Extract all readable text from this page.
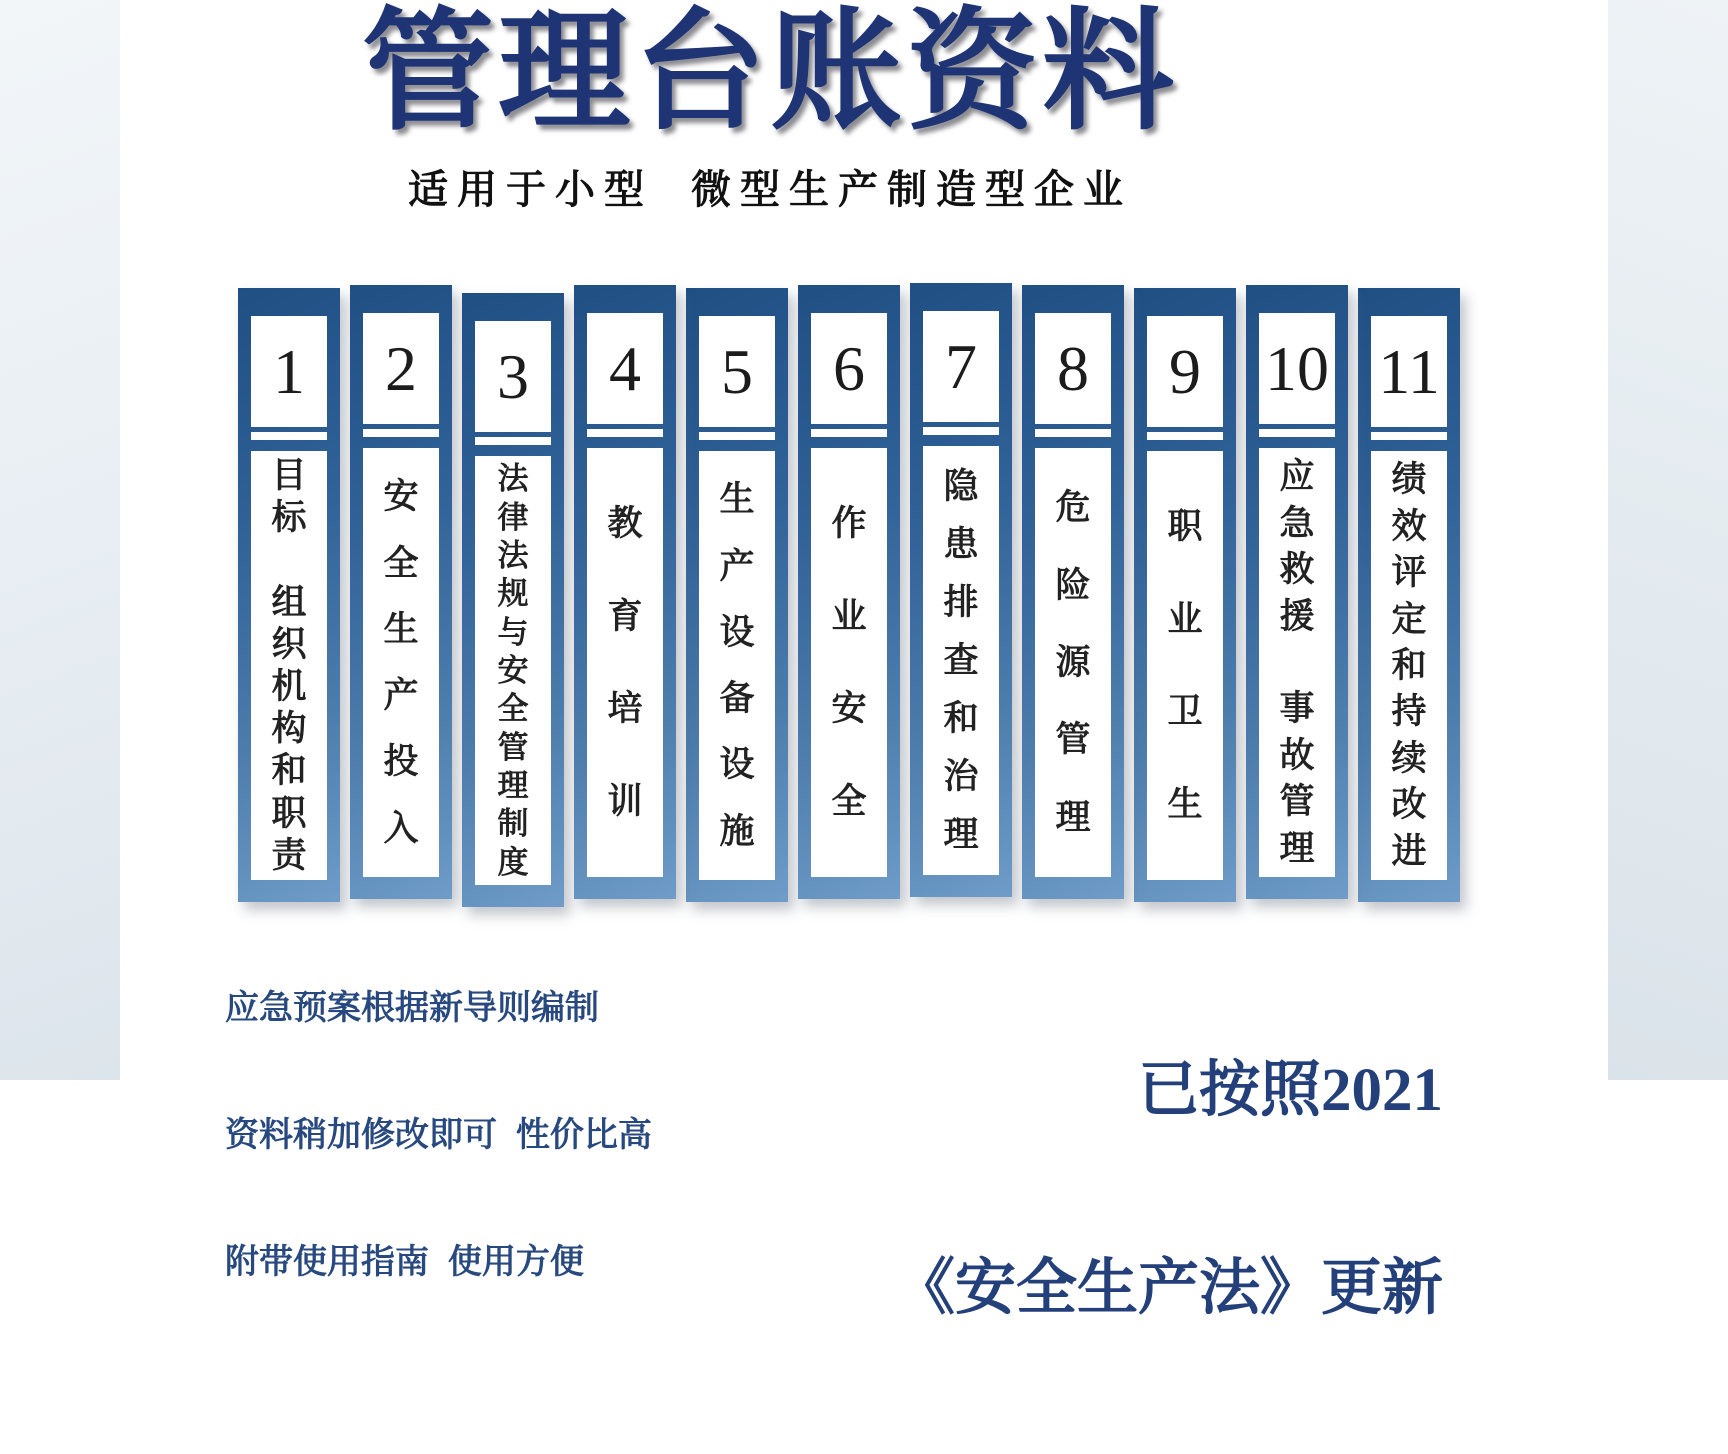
管理台账资料
适用于小型  微型生产制造型企业
1
目
标

组
织
机
构
和
职
责
2
安
全
生
产
投
入
3
法
律
法
规
与
安
全
管
理
制
度
4
教
育
培
训
5
生
产
设
备
设
施
6
作
业
安
全
7
隐
患
排
查
和
治
理
8
危
险
源
管
理
9
职
业
卫
生
10
应
急
救
援

事
故
管
理
11
绩
效
评
定
和
持
续
改
进

应急预案根据新导则编制

资料稍加修改即可  性价比高

附带使用指南  使用方便

已按照2021

《安全生产法》更新
